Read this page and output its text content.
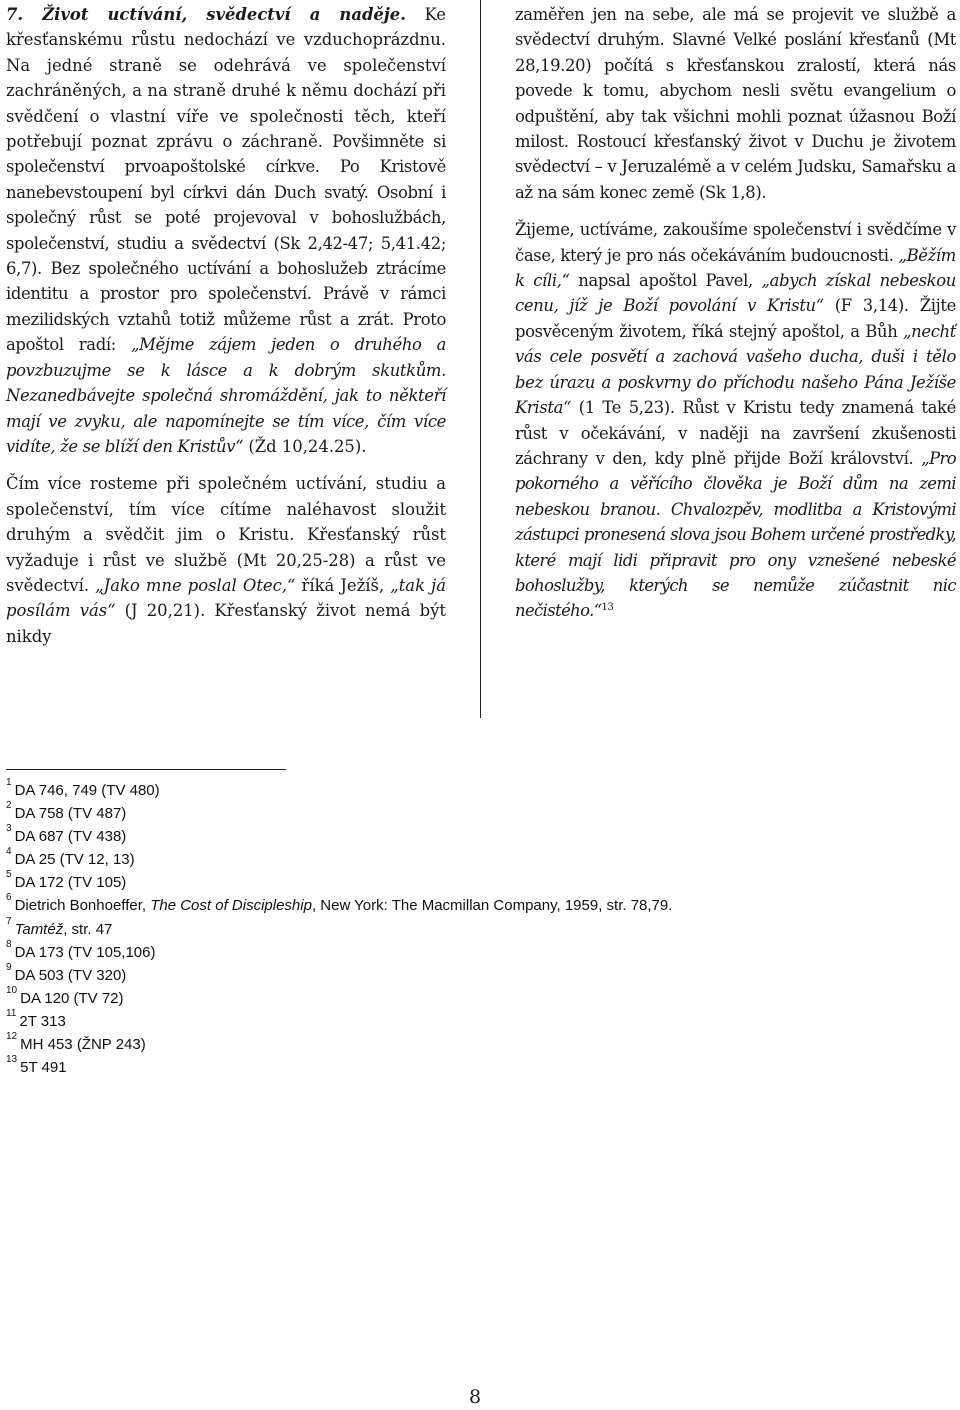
7. Život uctívání, svědectví a naděje. Ke křesťanskému růstu nedochází ve vzduchoprázdnu. Na jedné straně se odehrává ve společenství zachráněných, a na straně druhé k němu dochází při svědčení o vlastní víře ve společnosti těch, kteří potřebují poznat zprávu o záchraně. Povšimněte si společenství prvoapoštolské církve. Po Kristově nanebevstoupení byl církvi dán Duch svatý. Osobní i společný růst se poté projevoval v bohoslužbách, společenství, studiu a svědectví (Sk 2,42-47; 5,41.42; 6,7). Bez společného uctívání a bohoslužeb ztrácíme identitu a prostor pro společenství. Právě v rámci mezilidských vztahů totiž můžeme růst a zrát. Proto apoštol radí: „Mějme zájem jeden o druhého a povzbuzujme se k lásce a k dobrým skutkům. Nezanedbávejte společná shromáždění, jak to někteří mají ve zvyku, ale napomínejte se tím více, čím více vidíte, že se blíží den Kristův“ (Žd 10,24.25).

Čím více rosteme při společném uctívání, studiu a společenství, tím více cítíme naléhavost sloužit druhým a svědčit jim o Kristu. Křesťanský růst vyžaduje i růst ve službě (Mt 20,25-28) a růst ve svědectví. „Jako mne poslal Otec,“ říká Ježíš, „tak já posílám vás“ (J 20,21). Křesťanský život nemá být nikdy

zaměřen jen na sebe, ale má se projevit ve službě a svědectví druhým. Slavné Velké poslání křesťanů (Mt 28,19.20) počítá s křesťanskou zralostí, která nás povede k tomu, abychom nesli světu evangelium o odpuštění, aby tak všichni mohli poznat úžasnou Boží milost. Rostoucí křesťanský život v Duchu je životem svědectví – v Jeruzalémě a v celém Judsku, Samařsku a až na sám konec země (Sk 1,8).

Žijeme, uctíváme, zakoušíme společenství i svědčíme v čase, který je pro nás očekáváním budoucnosti. „Běžím k cíli,“ napsal apoštol Pavel, „abych získal nebeskou cenu, jíž je Boží povolání v Kristu“ (F 3,14). Žijte posvěceným životem, říká stejný apoštol, a Bůh „nechť vás cele posvětí a zachová vašeho ducha, duši i tělo bez úrazu a poskvrny do příchodu našeho Pána Ježíše Krista“ (1 Te 5,23). Růst v Kristu tedy znamená také růst v očekávání, v naději na završení zkušenosti záchrany v den, kdy plně přijde Boží království. „Pro pokorného a věřícího člověka je Boží dům na zemi nebeskou branou. Chvalozpěv, modlitba a Kristovými zástupci pronesená slova jsou Bohem určené prostředky, které mají lidi připravit pro ony vznešené nebeské bohoslužby, kterých se nemůže zúčastnit nic nečistého.“$^{13}$

$^1$ DA 746, 749 (TV 480)
$^2$ DA 758 (TV 487)
$^3$ DA 687 (TV 438)
$^4$ DA 25 (TV 12, 13)
$^5$ DA 172 (TV 105)
$^6$ Dietrich Bonhoeffer, The Cost of Discipleship, New York: The Macmillan Company, 1959, str. 78,79.
$^7$ Tamtéž, str. 47
$^8$ DA 173 (TV 105,106)
$^9$ DA 503 (TV 320)
$^{10}$ DA 120 (TV 72)
$^{11}$ 2T 313
$^{12}$ MH 453 (ŽNP 243)
$^{13}$ 5T 491
8
